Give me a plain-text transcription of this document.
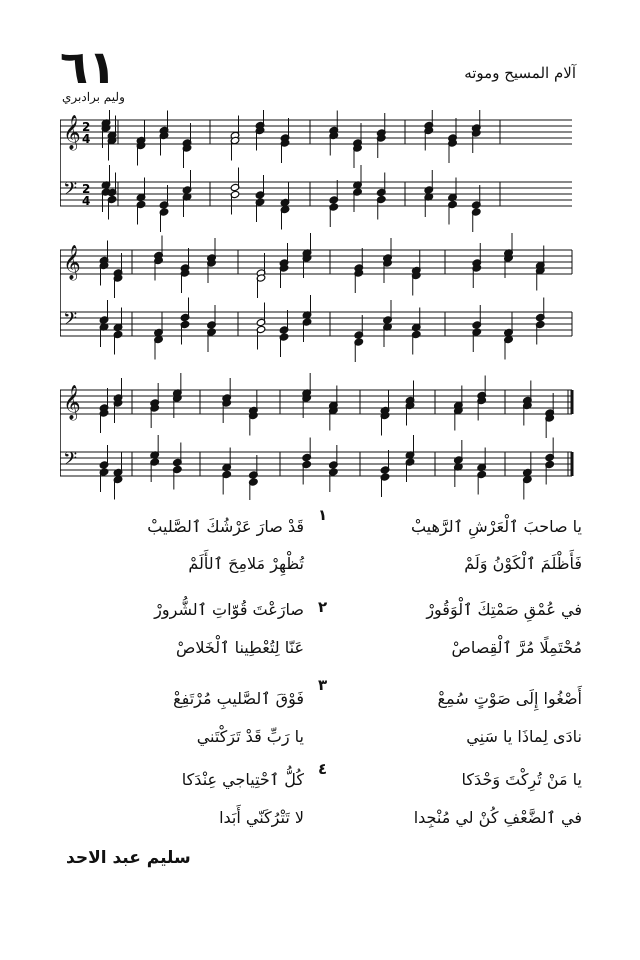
٦١	آلام المسيح وموته
وليم برادبري
𝄞 2
4
𝄢 2
4
𝄞
𝄢
𝄞
𝄢
١
يا صاحبَ ٱلْعَرْشِ ٱلرَّهيبْ
قَدْ صارَ عَرْشُكَ ٱلصَّليبْ
فَأَظْلَمَ ٱلْكَوْنُ وَلَمْ
تُظْهِرْ مَلامِحَ ٱلأَلَمْ
٢	في عُمْقِ صَمْتِكَ ٱلْوَقُورْ
صارَعْتَ قُوّاتِ ٱلشُّرورْ
مُحْتَمِلًا مُرَّ ٱلْقِصاصْ
عَنّا لِتُعْطِينا ٱلْخَلاصْ
٣
أَصْغُوا إِلَى صَوْتٍ سُمِعْ
فَوْقَ ٱلصَّليبِ مُرْتَفِعْ
نادَى لِماذَا يا سَنِي
يا رَبِّ قَدْ تَرَكْتَني
٤
يا مَنْ تُرِكْتَ وَحْدَكا
كُلُّ ٱحْتِياجي عِنْدَكا
في ٱلضَّعْفِ كُنْ لي مُنْجِدا
لا تَتْرُكَنّي أَبَدا
سليم عبد الاحد
